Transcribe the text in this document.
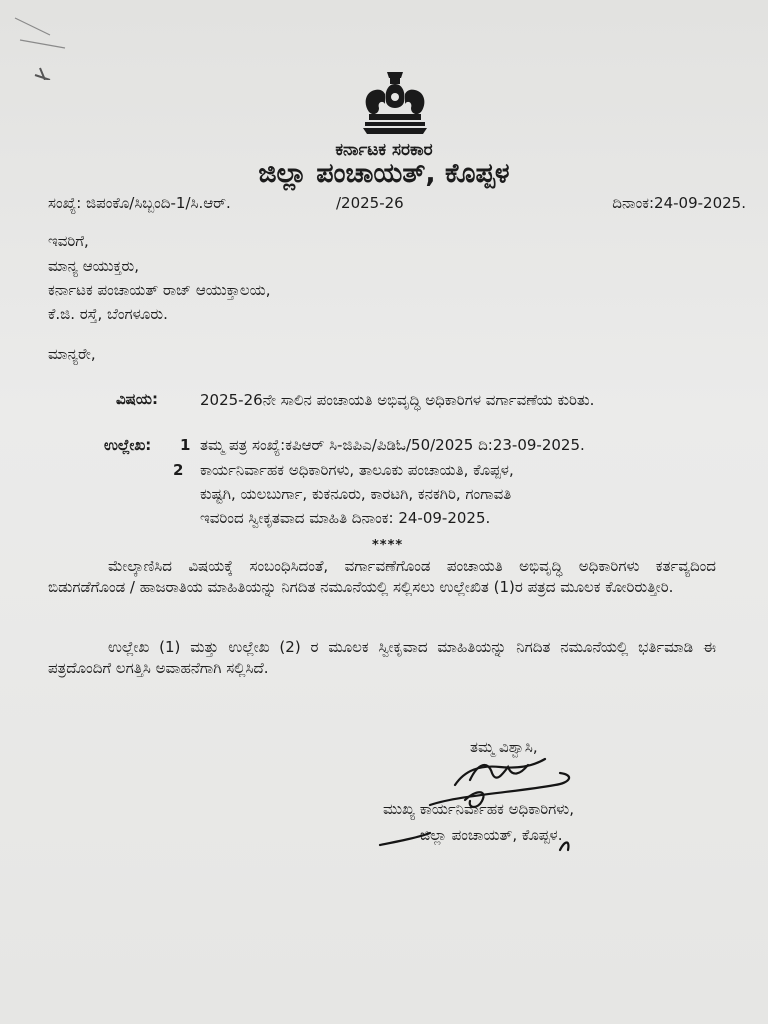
ಕರ್ನಾಟಕ ಸರಕಾರ

ಜಿಲ್ಲಾ ಪಂಚಾಯತ್, ಕೊಪ್ಪಳ

ಸಂಖ್ಯೆ: ಜಿಪಂಕೊ/ಸಿಬ್ಬಂದಿ-1/ಸಿ.ಆರ್.	/2025-26	ದಿನಾಂಕ:24-09-2025.

ಇವರಿಗೆ,

ಮಾನ್ಯ ಆಯುಕ್ತರು,

ಕರ್ನಾಟಕ ಪಂಚಾಯತ್ ರಾಜ್ ಆಯುಕ್ತಾಲಯ,

ಕೆ.ಜಿ. ರಸ್ತೆ, ಬೆಂಗಳೂರು.

ಮಾನ್ಯರೇ,

ವಿಷಯ:	2025-26ನೇ ಸಾಲಿನ ಪಂಚಾಯತಿ ಅಭಿವೃದ್ಧಿ ಅಧಿಕಾರಿಗಳ ವರ್ಗಾವಣೆಯ ಕುರಿತು.

ಉಲ್ಲೇಖ: 1 ತಮ್ಮ ಪತ್ರ ಸಂಖ್ಯೆ:ಕಪಿಆರ್ ಸಿ-ಜಿಪಿಎ/ಪಿಡಿಓ/50/2025 ದಿ:23-09-2025.

2 ಕಾರ್ಯನಿರ್ವಾಹಕ ಅಧಿಕಾರಿಗಳು, ತಾಲೂಕು ಪಂಚಾಯತಿ, ಕೊಪ್ಪಳ,

ಕುಷ್ಟಗಿ, ಯಲಬುರ್ಗಾ, ಕುಕನೂರು, ಕಾರಟಗಿ, ಕನಕಗಿರಿ, ಗಂಗಾವತಿ

ಇವರಿಂದ ಸ್ವೀಕೃತವಾದ ಮಾಹಿತಿ ದಿನಾಂಕ: 24-09-2025.

****

ಮೇಲ್ಕಾಣಿಸಿದ ವಿಷಯಕ್ಕೆ ಸಂಬಂಧಿಸಿದಂತೆ, ವರ್ಗಾವಣೆಗೊಂಡ ಪಂಚಾಯತಿ ಅಭಿವೃದ್ಧಿ ಅಧಿಕಾರಿಗಳು ಕರ್ತವ್ಯದಿಂದ ಬಿಡುಗಡೆಗೊಂಡ / ಹಾಜರಾತಿಯ ಮಾಹಿತಿಯನ್ನು ನಿಗದಿತ ನಮೂನೆಯಲ್ಲಿ ಸಲ್ಲಿಸಲು ಉಲ್ಲೇಖಿತ (1)ರ ಪತ್ರದ ಮೂಲಕ ಕೋರಿರುತ್ತೀರಿ.

ಉಲ್ಲೇಖ (1) ಮತ್ತು ಉಲ್ಲೇಖ (2) ರ ಮೂಲಕ ಸ್ವೀಕೃವಾದ ಮಾಹಿತಿಯನ್ನು ನಿಗದಿತ ನಮೂನೆಯಲ್ಲಿ ಭರ್ತಿಮಾಡಿ ಈ ಪತ್ರದೊಂದಿಗೆ ಲಗತ್ತಿಸಿ ಅವಾಹನೆಗಾಗಿ ಸಲ್ಲಿಸಿದೆ.

ತಮ್ಮ ವಿಶ್ವಾಸಿ,

ಮುಖ್ಯ ಕಾರ್ಯನಿರ್ವಾಹಕ ಅಧಿಕಾರಿಗಳು,

ಜಿಲ್ಲಾ ಪಂಚಾಯತ್, ಕೊಪ್ಪಳ.
